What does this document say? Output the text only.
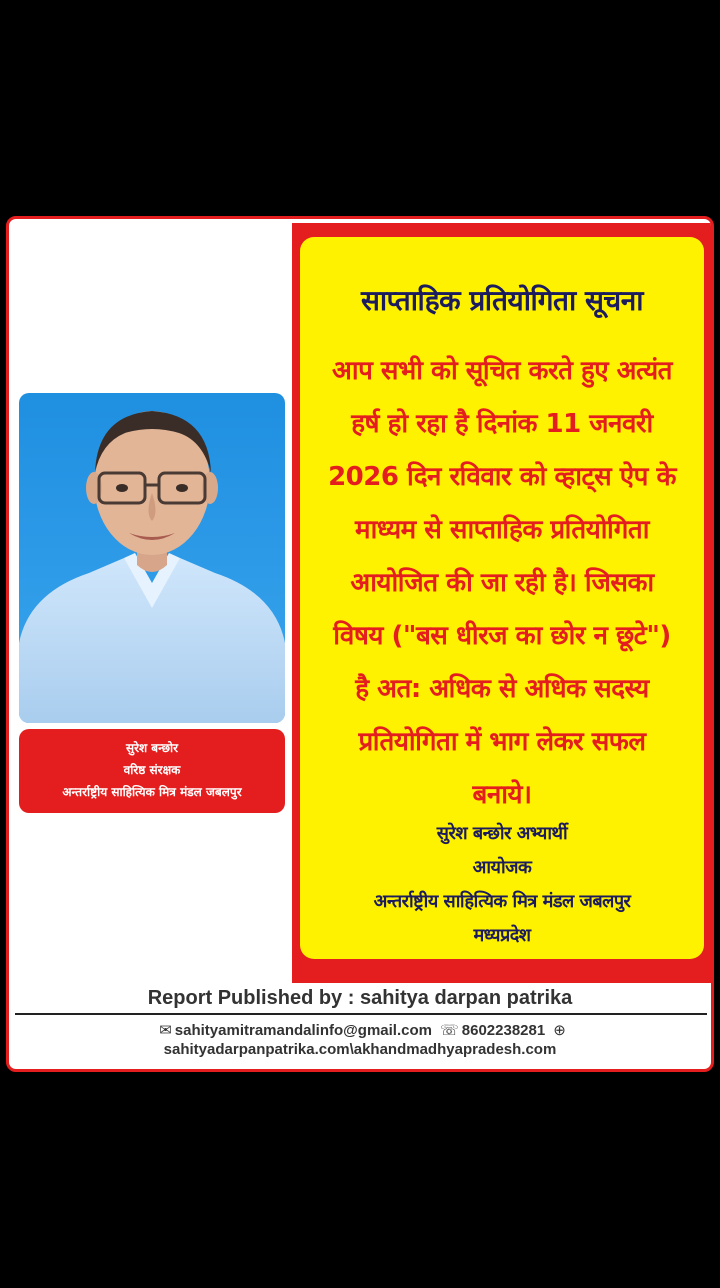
साप्ताहिक प्रतियोगिता सूचना
आप सभी को सूचित करते हुए अत्यंत
हर्ष हो रहा है दिनांक 11 जनवरी
2026 दिन रविवार को व्हाट्स ऐप के
माध्यम से साप्ताहिक प्रतियोगिता
आयोजित की जा रही है। जिसका
विषय ("बस धीरज का छोर न छूटे")
है अत: अधिक से अधिक सदस्य
प्रतियोगिता में भाग लेकर सफल
बनाये।
सुरेश बन्छोर अभ्यार्थी
आयोजक
अन्तर्राष्ट्रीय साहित्यिक मित्र मंडल जबलपुर
मध्यप्रदेश
सुरेश बन्छोर
वरिष्ठ संरक्षक
अन्तर्राष्ट्रीय साहित्यिक मित्र मंडल जबलपुर
Report Published by : sahitya darpan patrika
✉ sahityamitramandalinfo@gmail.com ☏ 8602238281 ⊕
sahityadarpanpatrika.com\akhandmadhyapradesh.com
